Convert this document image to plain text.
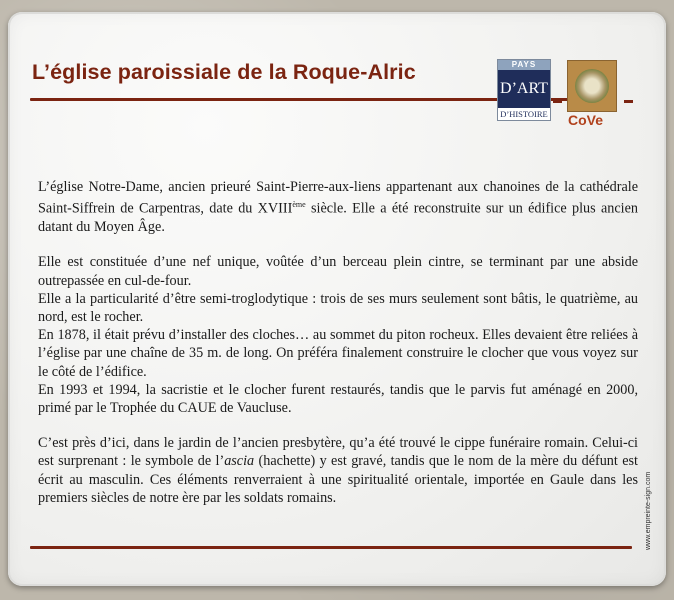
L’église paroissiale de la Roque-Alric	PAYS
D’ART
D’HISTOIRE CoVe

L’église Notre-Dame, ancien prieuré Saint-Pierre-aux-liens appartenant aux chanoines de la cathédrale Saint-Siffrein de Carpentras, date du XVIIIème siècle. Elle a été reconstruite sur un édifice plus ancien datant du Moyen Âge.

Elle est constituée d’une nef unique, voûtée d’un berceau plein cintre, se terminant par une abside outrepassée en cul-de-four.

Elle a la particularité d’être semi-troglodytique : trois de ses murs seulement sont bâtis, le quatrième, au nord, est le rocher.

En 1878, il était prévu d’installer des cloches… au sommet du piton rocheux. Elles devaient être reliées à l’église par une chaîne de 35 m. de long. On préféra finalement construire le clocher que vous voyez sur le côté de l’édifice.

En 1993 et 1994, la sacristie et le clocher furent restaurés, tandis que le parvis fut aménagé en 2000, primé par le Trophée du CAUE de Vaucluse.

C’est près d’ici, dans le jardin de l’ancien presbytère, qu’a été trouvé le cippe funéraire romain. Celui-ci est surprenant : le symbole de l’ascia (hachette) y est gravé, tandis que le nom de la mère du défunt est écrit au masculin. Ces éléments renverraient à une spiritualité orientale, importée en Gaule dans les premiers siècles de notre ère par les soldats romains.	www.empreinte-sign.com
